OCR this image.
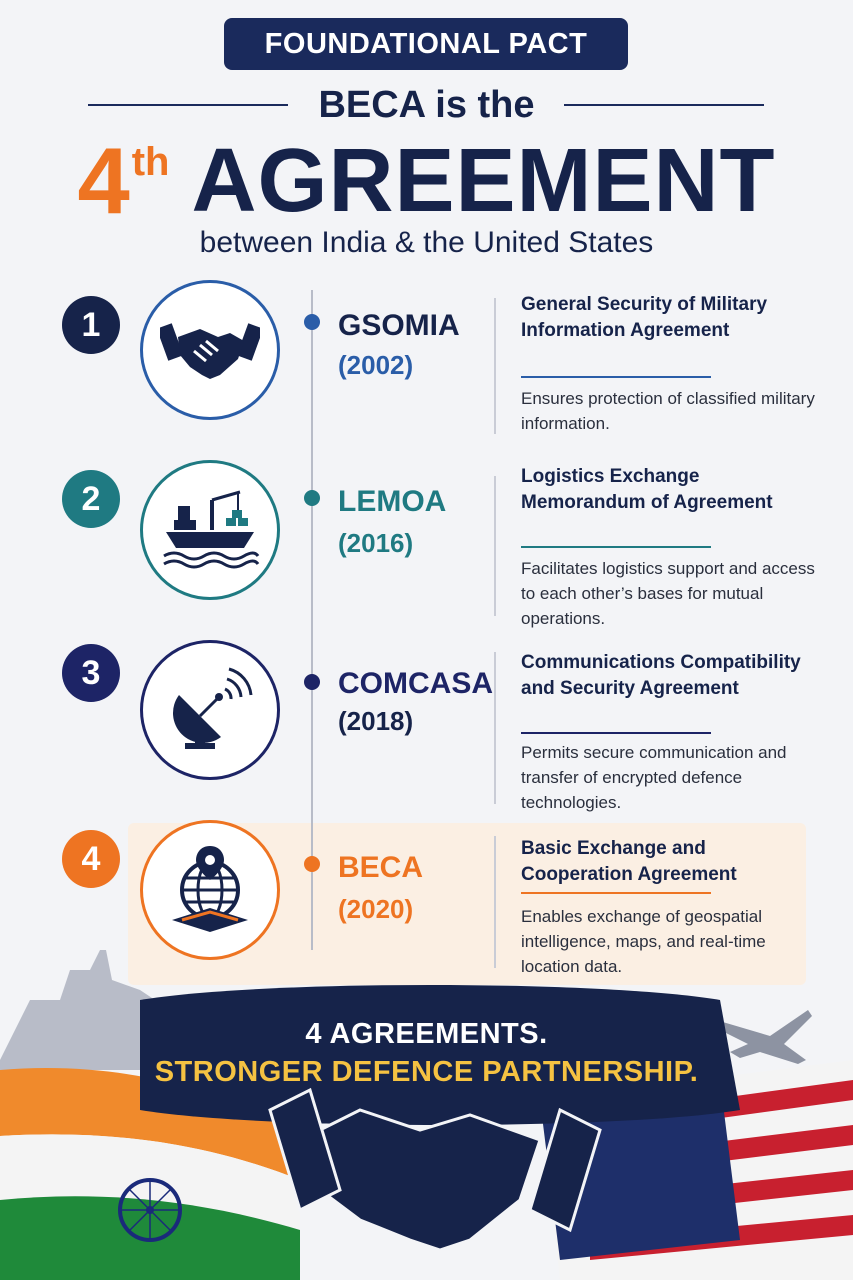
FOUNDATIONAL PACT
BECA is the
4 th AGREEMENT
between India & the United States
1	GSOMIA
(2002)
General Security of Military Information Agreement
Ensures protection of classified military information.
2	LEMOA
(2016)
Logistics Exchange Memorandum of Agreement
Facilitates logistics support and access to each other’s bases for mutual operations.
3	COMCASA
(2018)
Communications Compatibility and Security Agreement
Permits secure communication and transfer of encrypted defence technologies.
4	BECA
(2020)
Basic Exchange and Cooperation Agreement
Enables exchange of geospatial intelligence, maps, and real-time location data.
4 AGREEMENTS.
STRONGER DEFENCE PARTNERSHIP.
